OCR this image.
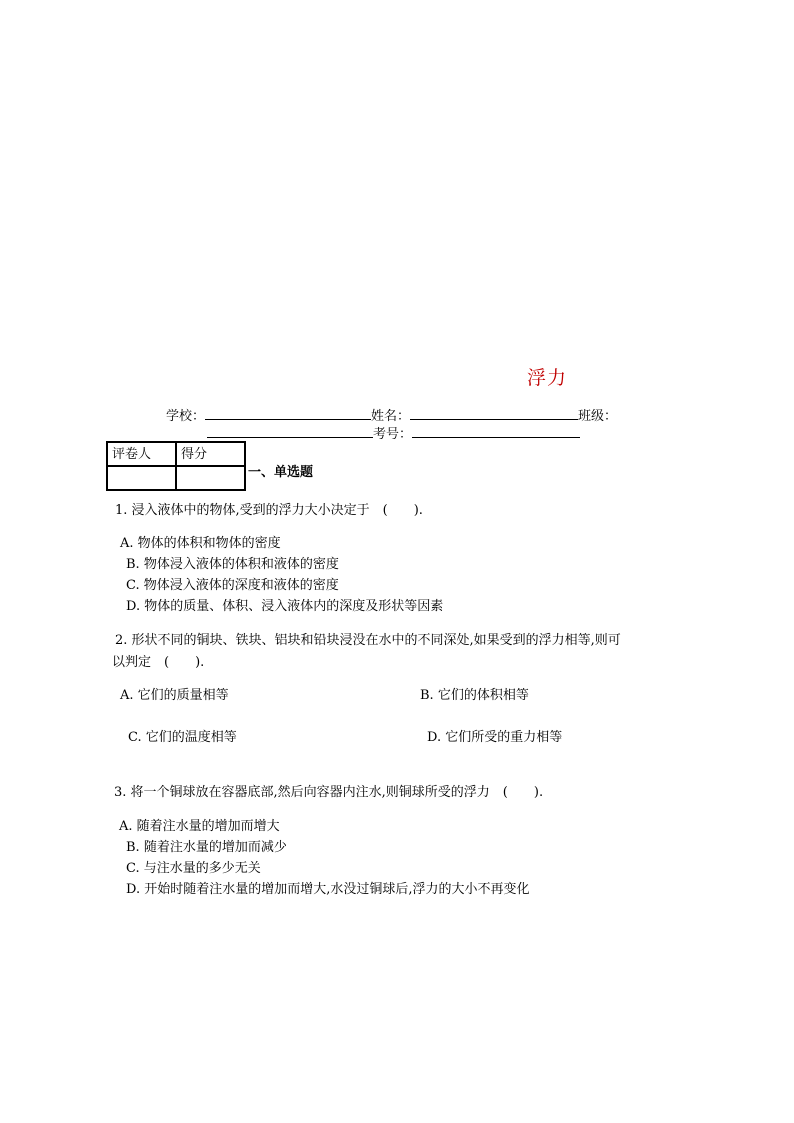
浮力
学校：	姓名：	班级：
考号：
评卷人	得分

一、单选题
1. 浸入液体中的物体,受到的浮力大小决定于　(　　).
A. 物体的体积和物体的密度
B. 物体浸入液体的体积和液体的密度
C. 物体浸入液体的深度和液体的密度
D. 物体的质量、体积、浸入液体内的深度及形状等因素
2. 形状不同的铜块、铁块、铝块和铅块浸没在水中的不同深处,如果受到的浮力相等,则可
以判定　(　　).
A. 它们的质量相等	B. 它们的体积相等
C. 它们的温度相等	D. 它们所受的重力相等
3. 将一个铜球放在容器底部,然后向容器内注水,则铜球所受的浮力　(　　).
A. 随着注水量的增加而增大
B. 随着注水量的增加而减少
C. 与注水量的多少无关
D. 开始时随着注水量的增加而增大,水没过铜球后,浮力的大小不再变化
